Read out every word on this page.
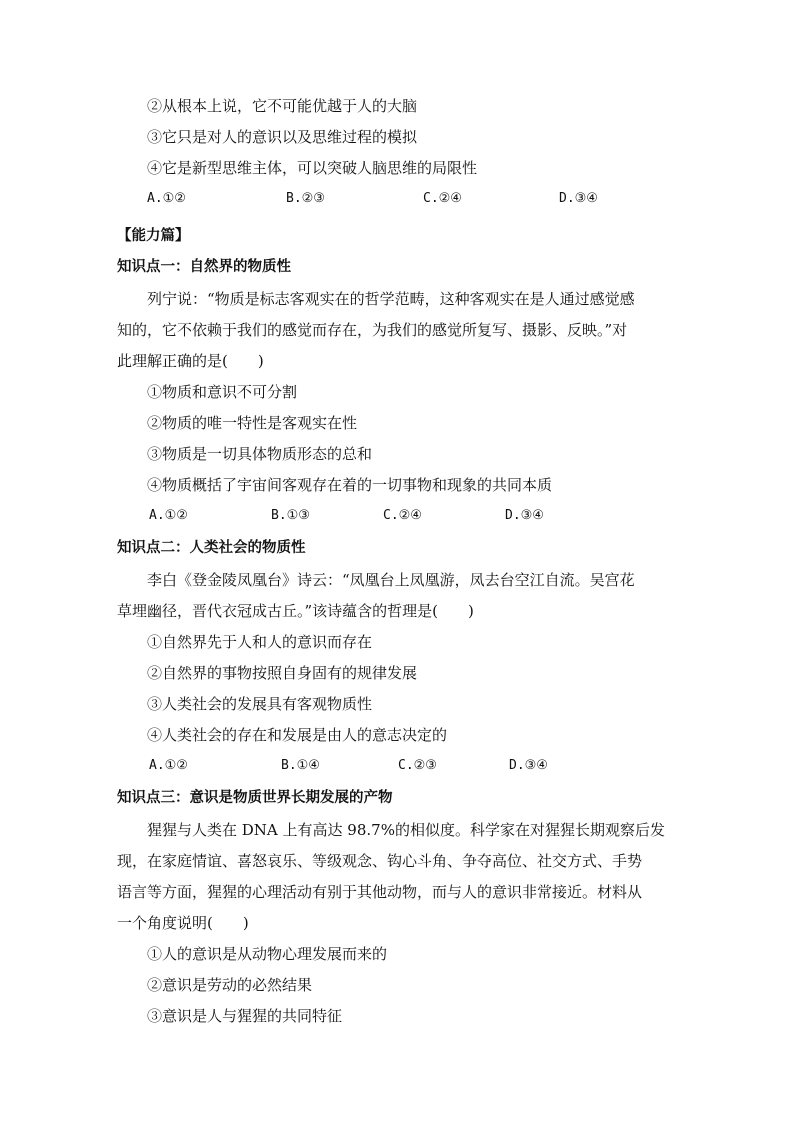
②从根本上说，它不可能优越于人的大脑
③它只是对人的意识以及思维过程的模拟
④它是新型思维主体，可以突破人脑思维的局限性
A.①②	B.②③	C.②④	D.③④
【能力篇】
知识点一：自然界的物质性
列宁说：“物质是标志客观实在的哲学范畴，这种客观实在是人通过感觉感
知的，它不依赖于我们的感觉而存在，为我们的感觉所复写、摄影、反映。”对
此理解正确的是(　　)
①物质和意识不可分割
②物质的唯一特性是客观实在性
③物质是一切具体物质形态的总和
④物质概括了宇宙间客观存在着的一切事物和现象的共同本质
A.①②	B.①③	C.②④	D.③④
知识点二：人类社会的物质性
李白《登金陵凤凰台》诗云：“凤凰台上凤凰游，凤去台空江自流。吴宫花
草埋幽径，晋代衣冠成古丘。”该诗蕴含的哲理是(　　)
①自然界先于人和人的意识而存在
②自然界的事物按照自身固有的规律发展
③人类社会的发展具有客观物质性
④人类社会的存在和发展是由人的意志决定的
A.①②	B.①④	C.②③	D.③④
知识点三：意识是物质世界长期发展的产物
猩猩与人类在 DNA 上有高达 98.7%的相似度。科学家在对猩猩长期观察后发
现，在家庭情谊、喜怒哀乐、等级观念、钩心斗角、争夺高位、社交方式、手势
语言等方面，猩猩的心理活动有别于其他动物，而与人的意识非常接近。材料从
一个角度说明(　　)
①人的意识是从动物心理发展而来的
②意识是劳动的必然结果
③意识是人与猩猩的共同特征
